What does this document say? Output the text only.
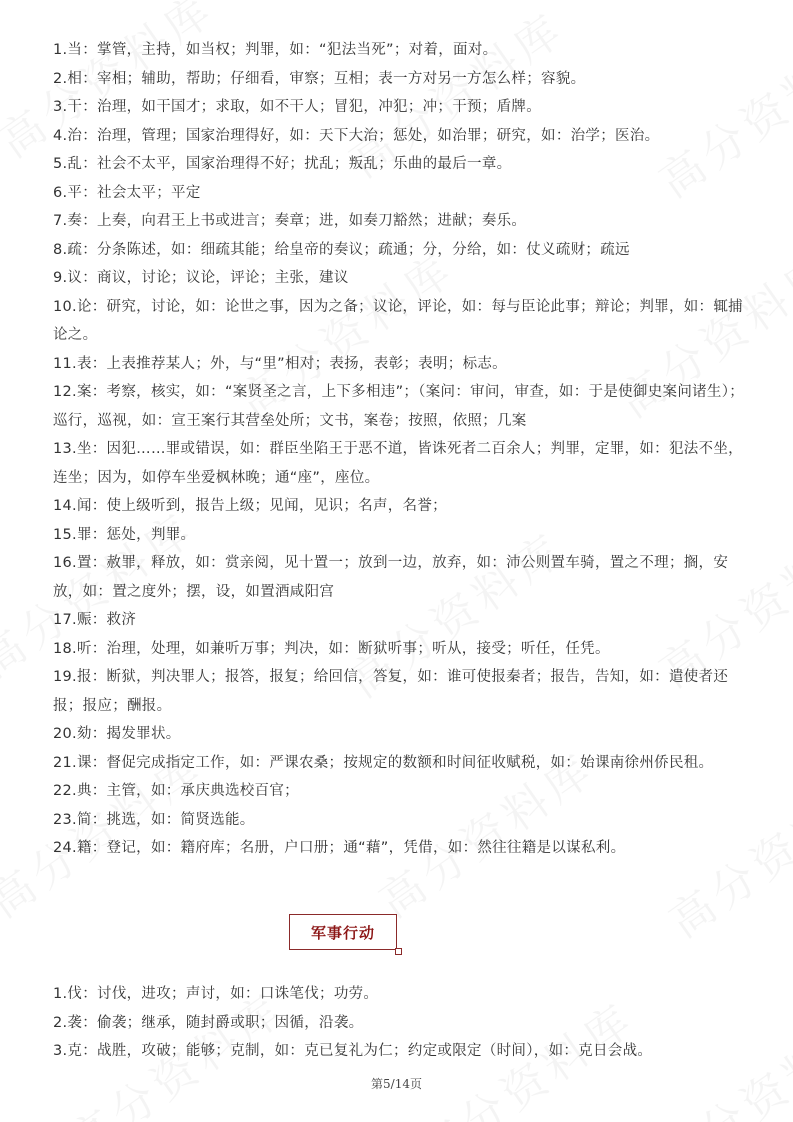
1.当：掌管，主持，如当权；判罪，如：“犯法当死”；对着，面对。

2.相：宰相；辅助，帮助；仔细看，审察；互相；表一方对另一方怎么样；容貌。

3.干：治理，如干国才；求取，如不干人；冒犯，冲犯；冲；干预；盾牌。

4.治：治理，管理；国家治理得好，如：天下大治；惩处，如治罪；研究，如：治学；医治。

5.乱：社会不太平，国家治理得不好；扰乱；叛乱；乐曲的最后一章。

6.平：社会太平；平定

7.奏：上奏，向君王上书或进言；奏章；进，如奏刀豁然；进献；奏乐。

8.疏：分条陈述，如：细疏其能；给皇帝的奏议；疏通；分，分给，如：仗义疏财；疏远

9.议：商议，讨论；议论，评论；主张，建议

10.论：研究，讨论，如：论世之事，因为之备；议论，评论，如：每与臣论此事；辩论；判罪，如：辄捕论之。

11.表：上表推荐某人；外，与“里”相对；表扬，表彰；表明；标志。

12.案：考察，核实，如：“案贤圣之言，上下多相违”；（案问：审问，审查，如：于是使御史案问诸生）；巡行，巡视，如：宣王案行其营垒处所；文书，案卷；按照，依照；几案

13.坐：因犯……罪或错误，如：群臣坐陷王于恶不道，皆诛死者二百余人；判罪，定罪，如：犯法不坐，连坐；因为，如停车坐爱枫林晚；通“座”，座位。

14.闻：使上级听到，报告上级；见闻，见识；名声，名誉；

15.罪：惩处，判罪。

16.置：赦罪，释放，如：赏亲阅，见十置一；放到一边，放弃，如：沛公则置车骑，置之不理；搁，安放，如：置之度外；摆，设，如置酒咸阳宫

17.赈：救济

18.听：治理，处理，如兼听万事；判决，如：断狱听事；听从，接受；听任，任凭。

19.报：断狱，判决罪人；报答，报复；给回信，答复，如：谁可使报秦者；报告，告知，如：遣使者还报；报应；酬报。

20.劾：揭发罪状。

21.课：督促完成指定工作，如：严课农桑；按规定的数额和时间征收赋税，如：始课南徐州侨民租。

22.典：主管，如：承庆典选校百官；

23.简：挑选，如：简贤选能。

24.籍：登记，如：籍府库；名册，户口册；通“藉”，凭借，如：然往往籍是以谋私利。

军事行动

1.伐：讨伐，进攻；声讨，如：口诛笔伐；功劳。

2.袭：偷袭；继承，随封爵或职；因循，沿袭。

3.克：战胜，攻破；能够；克制，如：克已复礼为仁；约定或限定（时间），如：克日会战。

第5/14页
